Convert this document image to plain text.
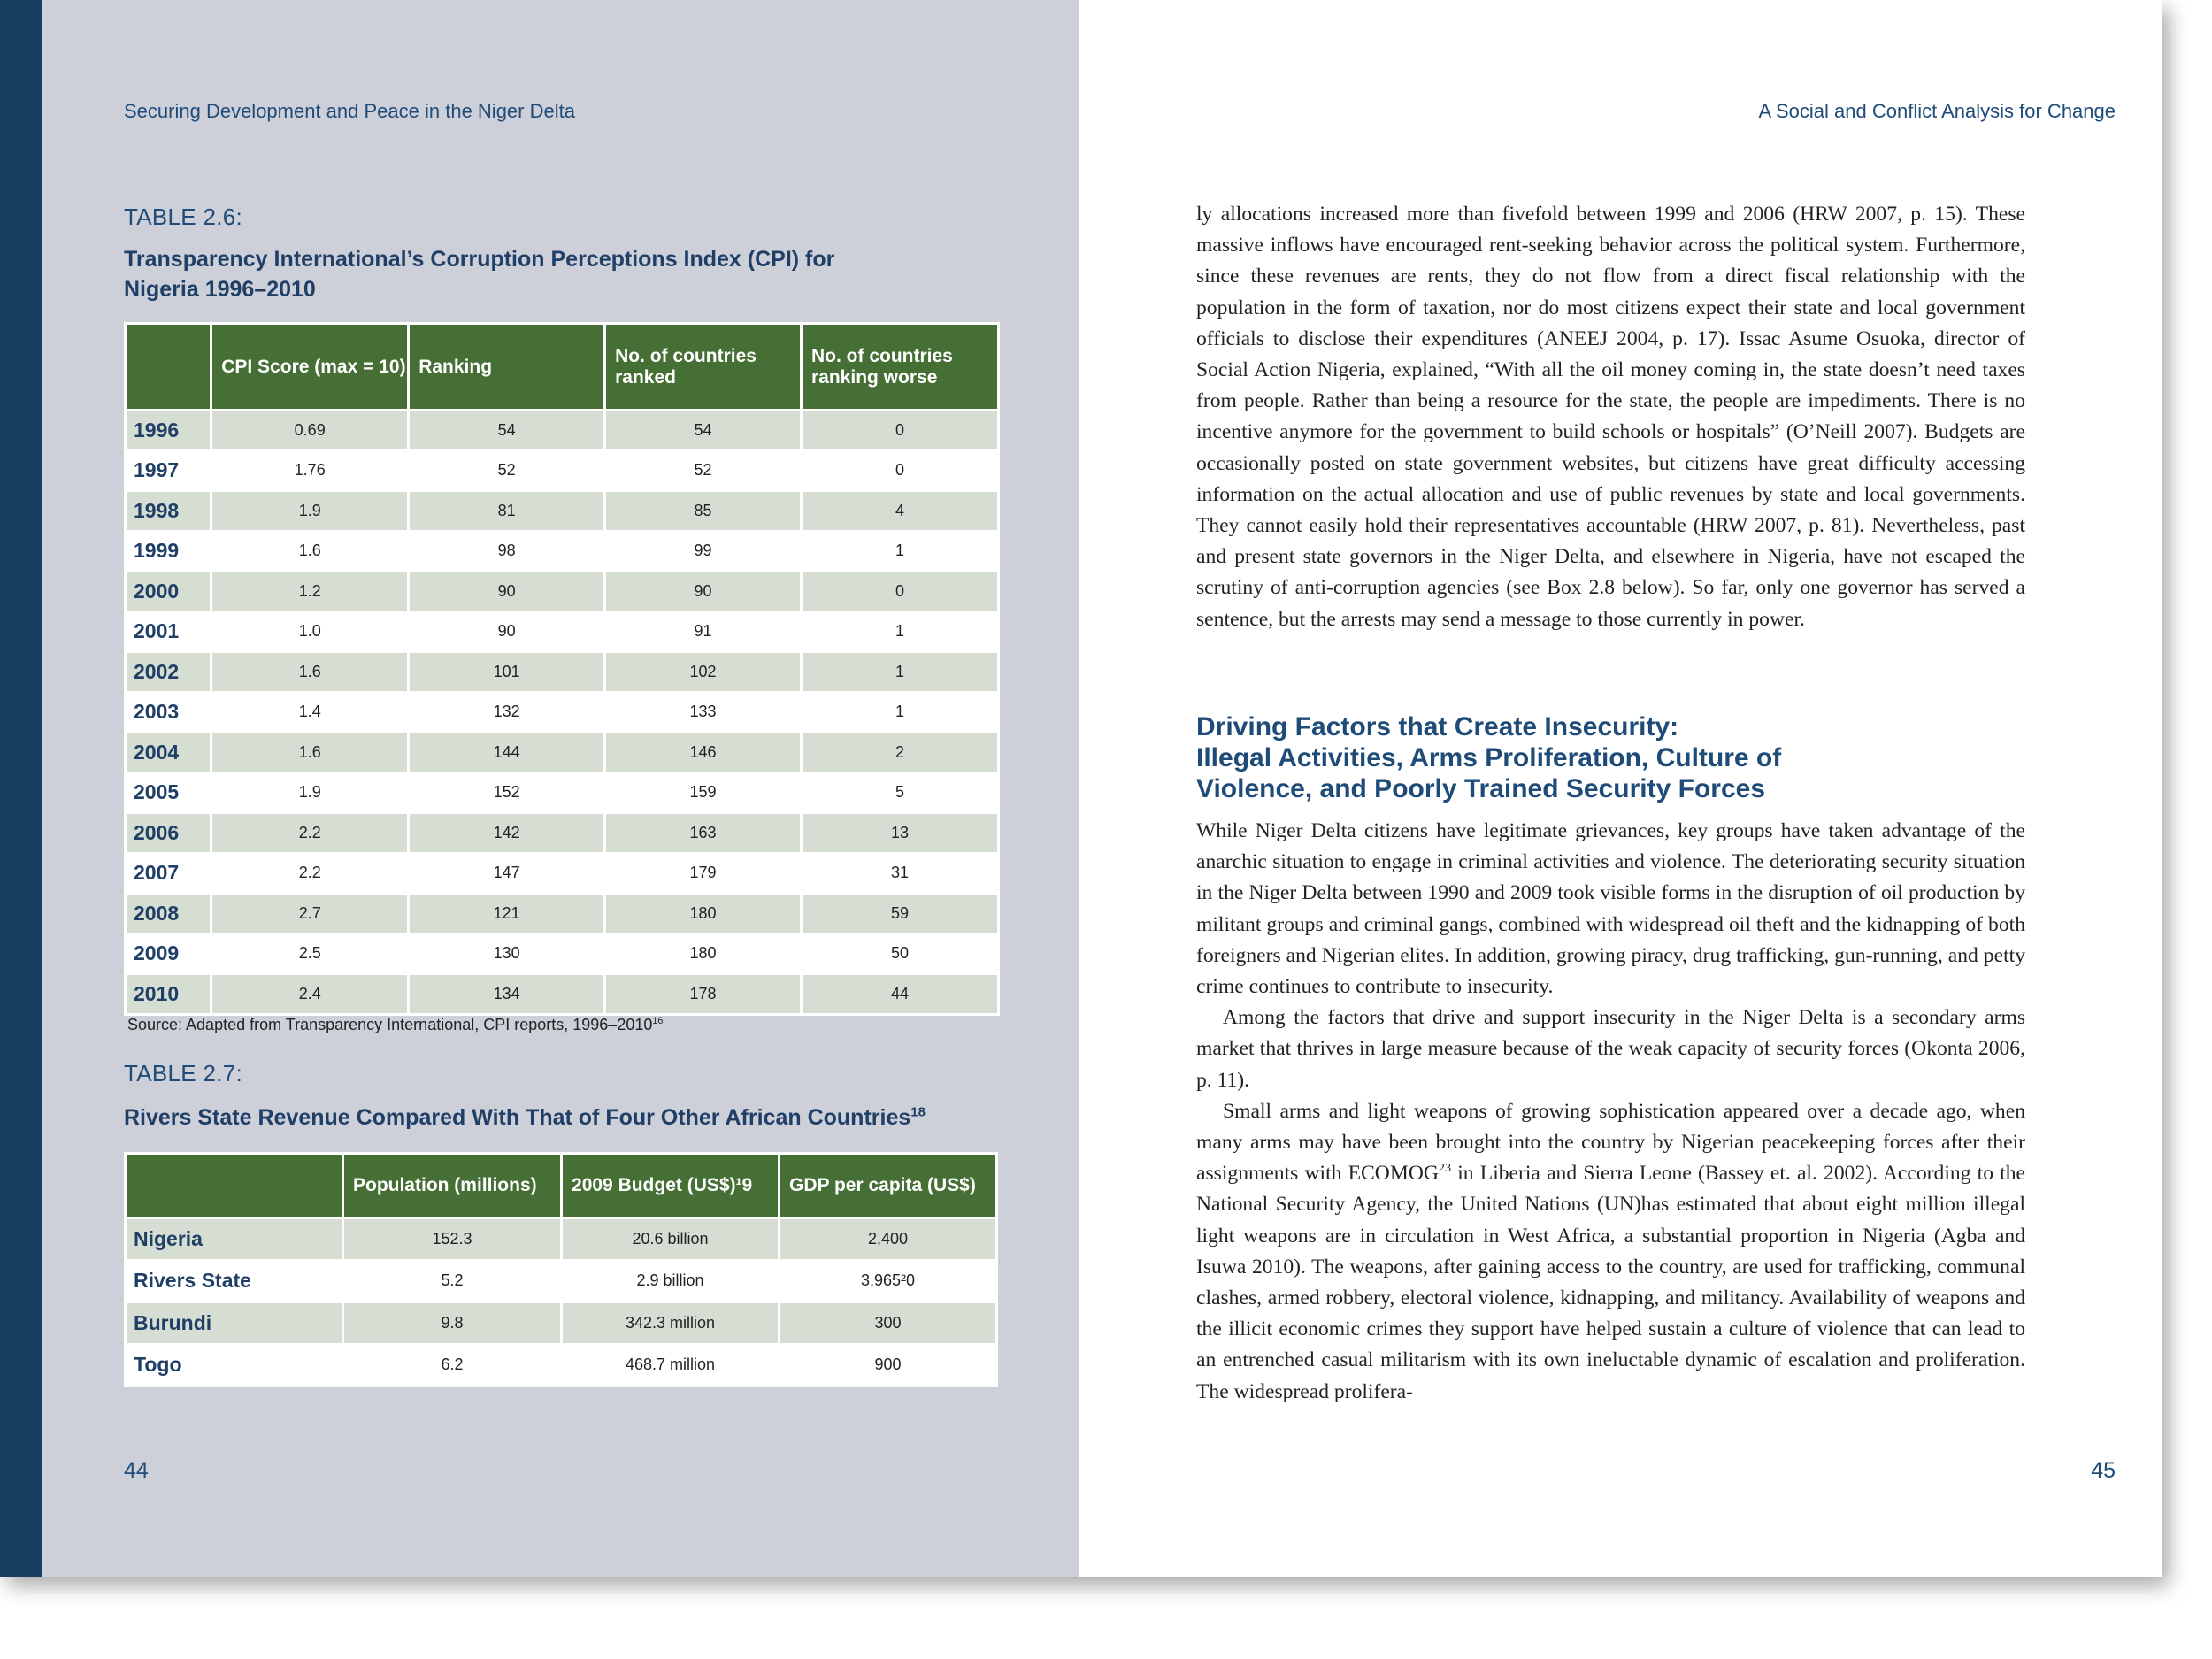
Securing Development and Peace in the Niger Delta
TABLE 2.6:
Transparency International’s Corruption Perceptions Index (CPI) for
Nigeria 1996–2010
	CPI Score (max = 10)	Ranking	No. of countries ranked	No. of countries ranking worse
1996	0.69	54	54	0
1997	1.76	52	52	0
1998	1.9	81	85	4
1999	1.6	98	99	1
2000	1.2	90	90	0
2001	1.0	90	91	1
2002	1.6	101	102	1
2003	1.4	132	133	1
2004	1.6	144	146	2
2005	1.9	152	159	5
2006	2.2	142	163	13
2007	2.2	147	179	31
2008	2.7	121	180	59
2009	2.5	130	180	50
2010	2.4	134	178	44
Source: Adapted from Transparency International, CPI reports, 1996–2010$^{16}$
TABLE 2.7:
Rivers State Revenue Compared With That of Four Other African Countries$^{18}$
	Population (millions)	2009 Budget (US$)¹9	GDP per capita (US$)
Nigeria	152.3	20.6 billion	2,400
Rivers State	5.2	2.9 billion	3,965²0
Burundi	9.8	342.3 million	300
Togo	6.2	468.7 million	900
44
A Social and Conflict Analysis for Change

ly allocations increased more than fivefold between 1999 and 2006 (HRW 2007, p. 15). These massive inflows have encouraged rent-seeking behavior across the political system. Furthermore, since these revenues are rents, they do not flow from a direct fiscal relationship with the population in the form of taxation, nor do most citizens expect their state and local government officials to disclose their expenditures (ANEEJ 2004, p. 17). Issac Asume Osuoka, director of Social Action Nigeria, explained, “With all the oil money coming in, the state doesn’t need taxes from people. Rather than being a resource for the state, the people are impediments. There is no incentive anymore for the government to build schools or hospitals” (O’Neill 2007). Budgets are occasionally posted on state government websites, but citizens have great difficulty accessing information on the actual allocation and use of public revenues by state and local governments. They cannot easily hold their representatives accountable (HRW 2007, p. 81). Nevertheless, past and present state governors in the Niger Delta, and elsewhere in Nigeria, have not escaped the scrutiny of anti-corruption agencies (see Box 2.8 below). So far, only one governor has served a sentence, but the arrests may send a message to those currently in power.

Driving Factors that Create Insecurity:
Illegal Activities, Arms Proliferation, Culture of
Violence, and Poorly Trained Security Forces

While Niger Delta citizens have legitimate grievances, key groups have taken advantage of the anarchic situation to engage in criminal activities and violence. The deteriorating security situation in the Niger Delta between 1990 and 2009 took visible forms in the disruption of oil production by militant groups and criminal gangs, combined with widespread oil theft and the kidnapping of both foreigners and Nigerian elites. In addition, growing piracy, drug trafficking, gun-running, and petty crime continues to contribute to insecurity.

Among the factors that drive and support insecurity in the Niger Delta is a secondary arms market that thrives in large measure because of the weak capacity of security forces (Okonta 2006, p. 11).

Small arms and light weapons of growing sophistication appeared over a decade ago, when many arms may have been brought into the country by Nigerian peacekeeping forces after their assignments with ECOMOG$^{23}$ in Liberia and Sierra Leone (Bassey et. al. 2002). According to the National Security Agency, the United Nations (UN)has estimated that about eight million illegal light weapons are in circulation in West Africa, a substantial proportion in Nigeria (Agba and Isuwa 2010). The weapons, after gaining access to the country, are used for trafficking, communal clashes, armed robbery, electoral violence, kidnapping, and militancy. Availability of weapons and the illicit economic crimes they support have helped sustain a culture of violence that can lead to an entrenched casual militarism with its own ineluctable dynamic of escalation and proliferation. The widespread prolifera-

45
